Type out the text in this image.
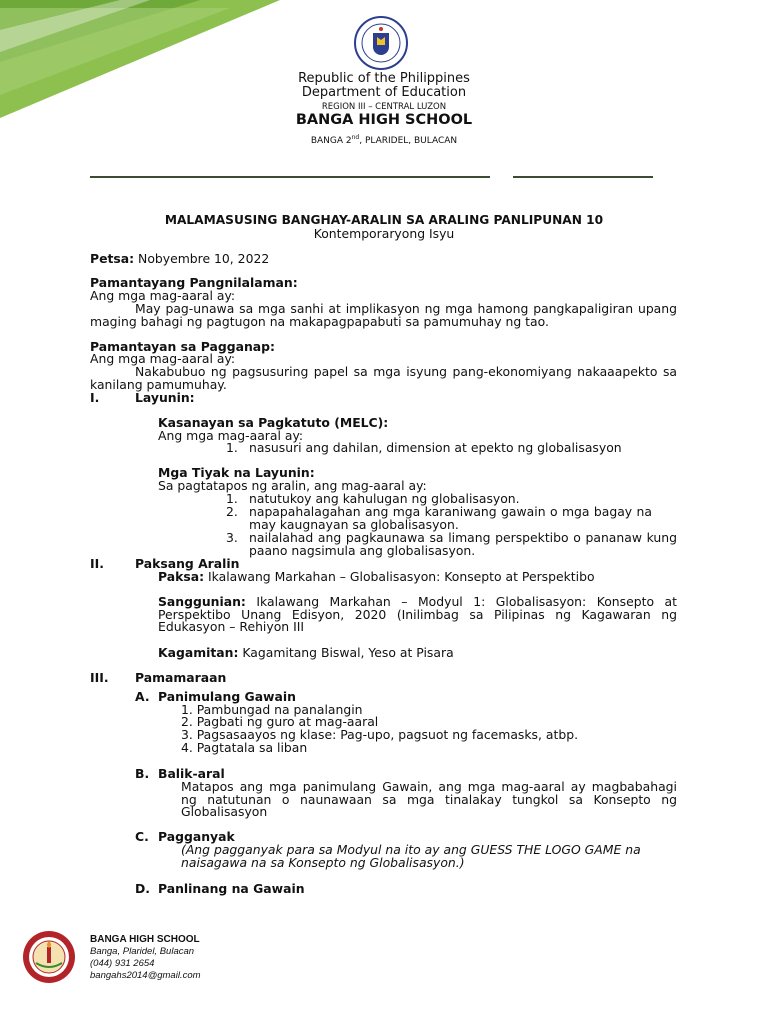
Republic of the Philippines
Department of Education
REGION III – CENTRAL LUZON
BANGA HIGH SCHOOL
BANGA 2nd, PLARIDEL, BULACAN
MALAMASUSING BANGHAY-ARALIN SA ARALING PANLIPUNAN 10
Kontemporaryong Isyu
Petsa: Nobyembre 10, 2022
Pamantayang Pangnilalaman:
Ang mga mag-aaral ay:
May pag-unawa sa mga sanhi at implikasyon ng mga hamong pangkapaligiran upang
maging bahagi ng pagtugon na makapagpapabuti sa pamumuhay ng tao.
Pamantayan sa Pagganap:
Ang mga mag-aaral ay:
Nakabubuo ng pagsusuring papel sa mga isyung pang-ekonomiyang nakaaapekto sa
kanilang pamumuhay.
I.	Layunin:
Kasanayan sa Pagkatuto (MELC):
Ang mga mag-aaral ay:
1. nasusuri ang dahilan, dimension at epekto ng globalisasyon
Mga Tiyak na Layunin:
Sa pagtatapos ng aralin, ang mag-aaral ay:
1. natutukoy ang kahulugan ng globalisasyon.
2. napapahalagahan ang mga karaniwang gawain o mga bagay na
may kaugnayan sa globalisasyon.
3. nailalahad ang pagkaunawa sa limang perspektibo o pananaw kung
paano nagsimula ang globalisasyon.
II.	Paksang Aralin
Paksa: Ikalawang Markahan – Globalisasyon: Konsepto at Perspektibo
Sanggunian: Ikalawang Markahan – Modyul 1: Globalisasyon: Konsepto at
Perspektibo Unang Edisyon, 2020 (Inilimbag sa Pilipinas ng Kagawaran ng
Edukasyon – Rehiyon III
Kagamitan: Kagamitang Biswal, Yeso at Pisara
III. Pamamaraan
A. Panimulang Gawain
1. Pambungad na panalangin
2. Pagbati ng guro at mag-aaral
3. Pagsasaayos ng klase: Pag-upo, pagsuot ng facemasks, atbp.
4. Pagtatala sa liban
B. Balik-aral
Matapos ang mga panimulang Gawain, ang mga mag-aaral ay magbabahagi
ng natutunan o naunawaan sa mga tinalakay tungkol sa Konsepto ng
Globalisasyon
C. Pagganyak
(Ang pagganyak para sa Modyul na ito ay ang GUESS THE LOGO GAME na
naisagawa na sa Konsepto ng Globalisasyon.)
D. Panlinang na Gawain
BANGA HIGH SCHOOL
Banga, Plaridel, Bulacan
(044) 931 2654
bangahs2014@gmail.com
